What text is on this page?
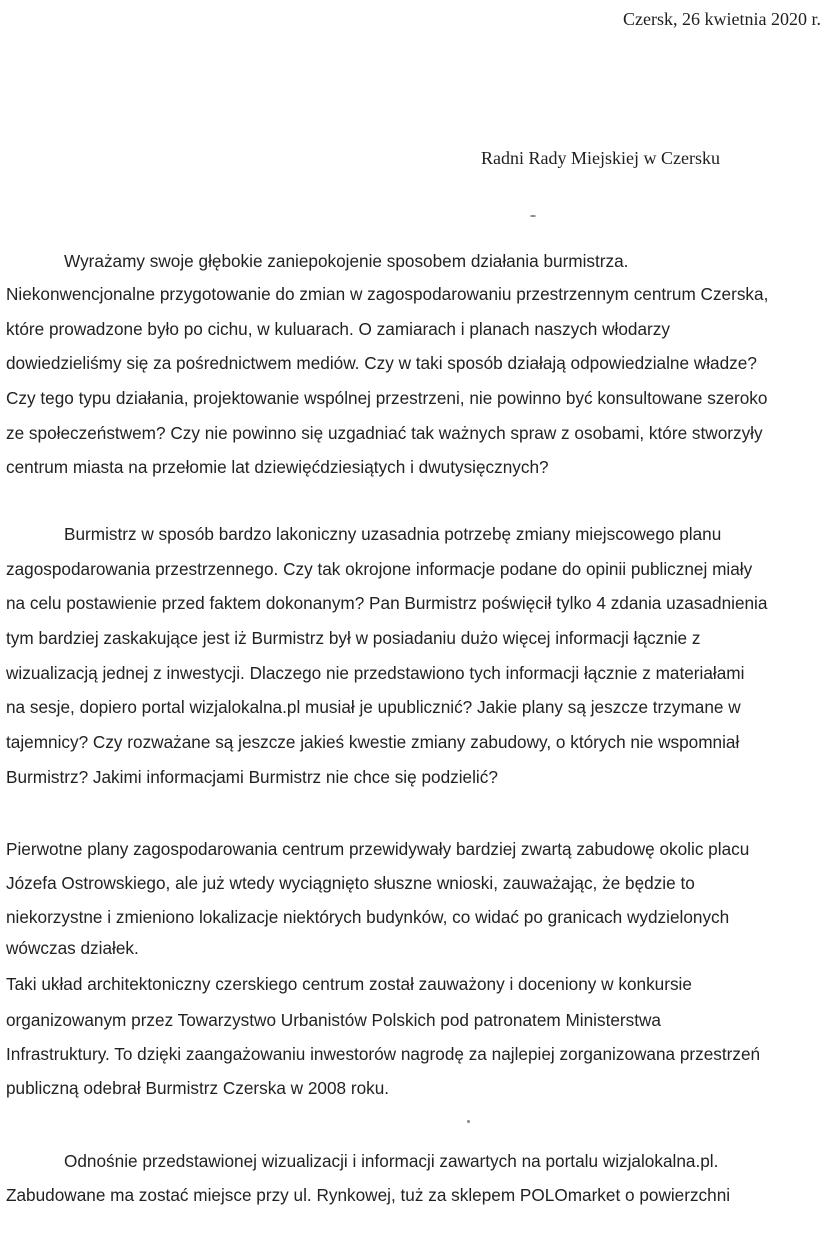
Czersk, 26 kwietnia 2020 r.
Radni Rady Miejskiej w Czersku
Wyrażamy swoje głębokie zaniepokojenie sposobem działania burmistrza.
Niekonwencjonalne przygotowanie do zmian w zagospodarowaniu przestrzennym centrum Czerska,
które prowadzone było po cichu, w kuluarach. O zamiarach i planach naszych włodarzy
dowiedzieliśmy się za pośrednictwem mediów. Czy w taki sposób działają odpowiedzialne władze?
Czy tego typu działania, projektowanie wspólnej przestrzeni, nie powinno być konsultowane szeroko
ze społeczeństwem? Czy nie powinno się uzgadniać tak ważnych spraw z osobami, które stworzyły
centrum miasta na przełomie lat dziewięćdziesiątych i dwutysięcznych?
Burmistrz w sposób bardzo lakoniczny uzasadnia potrzebę zmiany miejscowego planu
zagospodarowania przestrzennego. Czy tak okrojone informacje podane do opinii publicznej miały
na celu postawienie przed faktem dokonanym? Pan Burmistrz poświęcił tylko 4 zdania uzasadnienia
tym bardziej zaskakujące jest iż Burmistrz był w posiadaniu dużo więcej informacji łącznie z
wizualizacją jednej z inwestycji. Dlaczego nie przedstawiono tych informacji łącznie z materiałami
na sesje, dopiero portal wizjalokalna.pl musiał je upublicznić? Jakie plany są jeszcze trzymane w
tajemnicy? Czy rozważane są jeszcze jakieś kwestie zmiany zabudowy, o których nie wspomniał
Burmistrz? Jakimi informacjami Burmistrz nie chce się podzielić?
Pierwotne plany zagospodarowania centrum przewidywały bardziej zwartą zabudowę okolic placu
Józefa Ostrowskiego, ale już wtedy wyciągnięto słuszne wnioski, zauważając, że będzie to
niekorzystne i zmieniono lokalizacje niektórych budynków, co widać po granicach wydzielonych
wówczas działek.
Taki układ architektoniczny czerskiego centrum został zauważony i doceniony w konkursie
organizowanym przez Towarzystwo Urbanistów Polskich pod patronatem Ministerstwa
Infrastruktury. To dzięki zaangażowaniu inwestorów nagrodę za najlepiej zorganizowana przestrzeń
publiczną odebrał Burmistrz Czerska w 2008 roku.
Odnośnie przedstawionej wizualizacji i informacji zawartych na portalu wizjalokalna.pl.
Zabudowane ma zostać miejsce przy ul. Rynkowej, tuż za sklepem POLOmarket o powierzchni
